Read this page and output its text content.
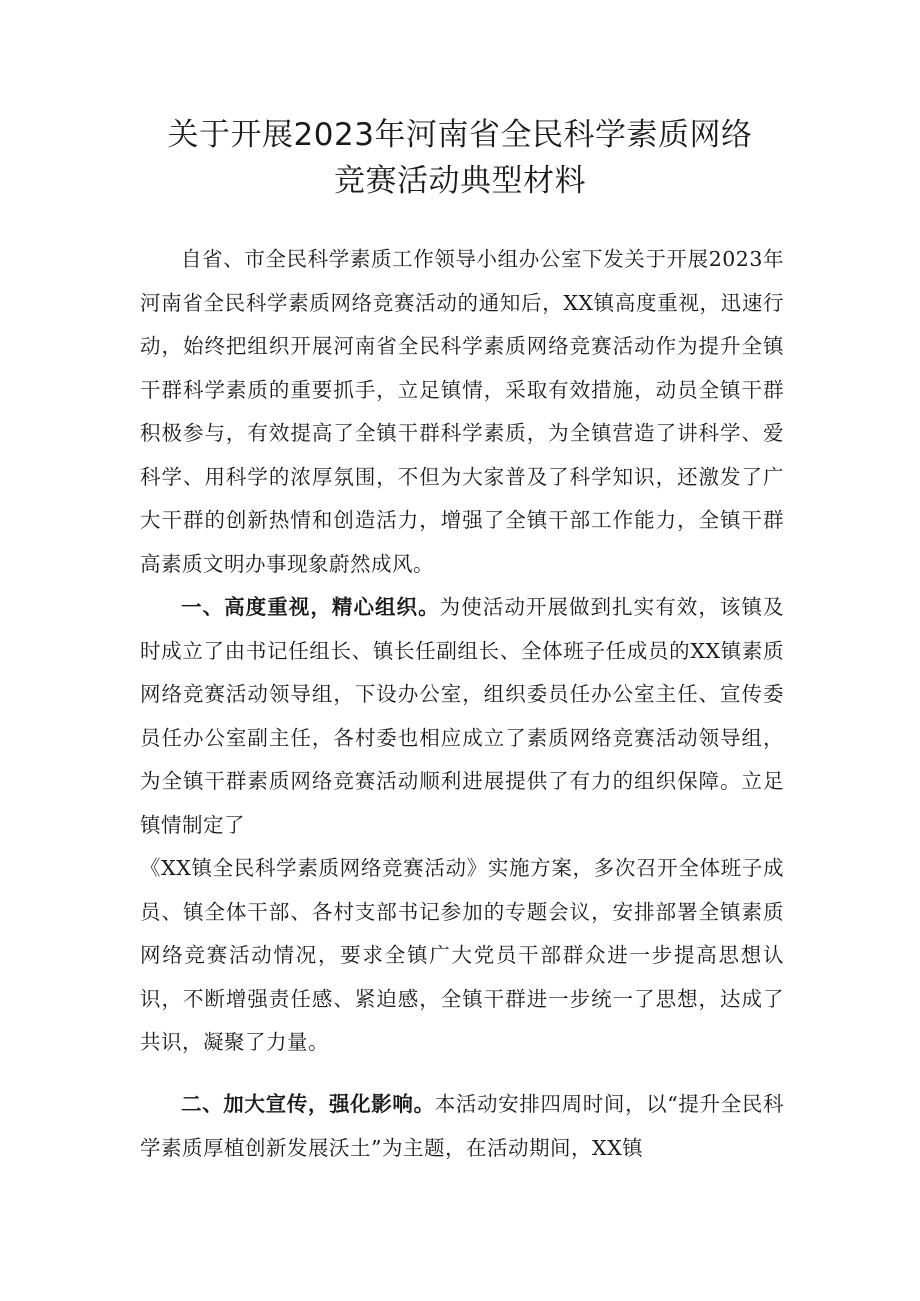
关于开展2023年河南省全民科学素质网络
竞赛活动典型材料

自省、市全民科学素质工作领导小组办公室下发关于开展2023年河南省全民科学素质网络竞赛活动的通知后，XX镇高度重视，迅速行动，始终把组织开展河南省全民科学素质网络竞赛活动作为提升全镇干群科学素质的重要抓手，立足镇情，采取有效措施，动员全镇干群积极参与，有效提高了全镇干群科学素质，为全镇营造了讲科学、爱科学、用科学的浓厚氛围，不但为大家普及了科学知识，还激发了广大干群的创新热情和创造活力，增强了全镇干部工作能力，全镇干群高素质文明办事现象蔚然成风。

一、高度重视，精心组织。为使活动开展做到扎实有效，该镇及时成立了由书记任组长、镇长任副组长、全体班子任成员的XX镇素质网络竞赛活动领导组，下设办公室，组织委员任办公室主任、宣传委员任办公室副主任，各村委也相应成立了素质网络竞赛活动领导组，为全镇干群素质网络竞赛活动顺利进展提供了有力的组织保障。立足镇情制定了

《XX镇全民科学素质网络竞赛活动》实施方案，多次召开全体班子成员、镇全体干部、各村支部书记参加的专题会议，安排部署全镇素质网络竞赛活动情况，要求全镇广大党员干部群众进一步提高思想认识，不断增强责任感、紧迫感，全镇干群进一步统一了思想，达成了共识，凝聚了力量。

二、加大宣传，强化影响。本活动安排四周时间，以“提升全民科学素质厚植创新发展沃土”为主题，在活动期间，XX镇
